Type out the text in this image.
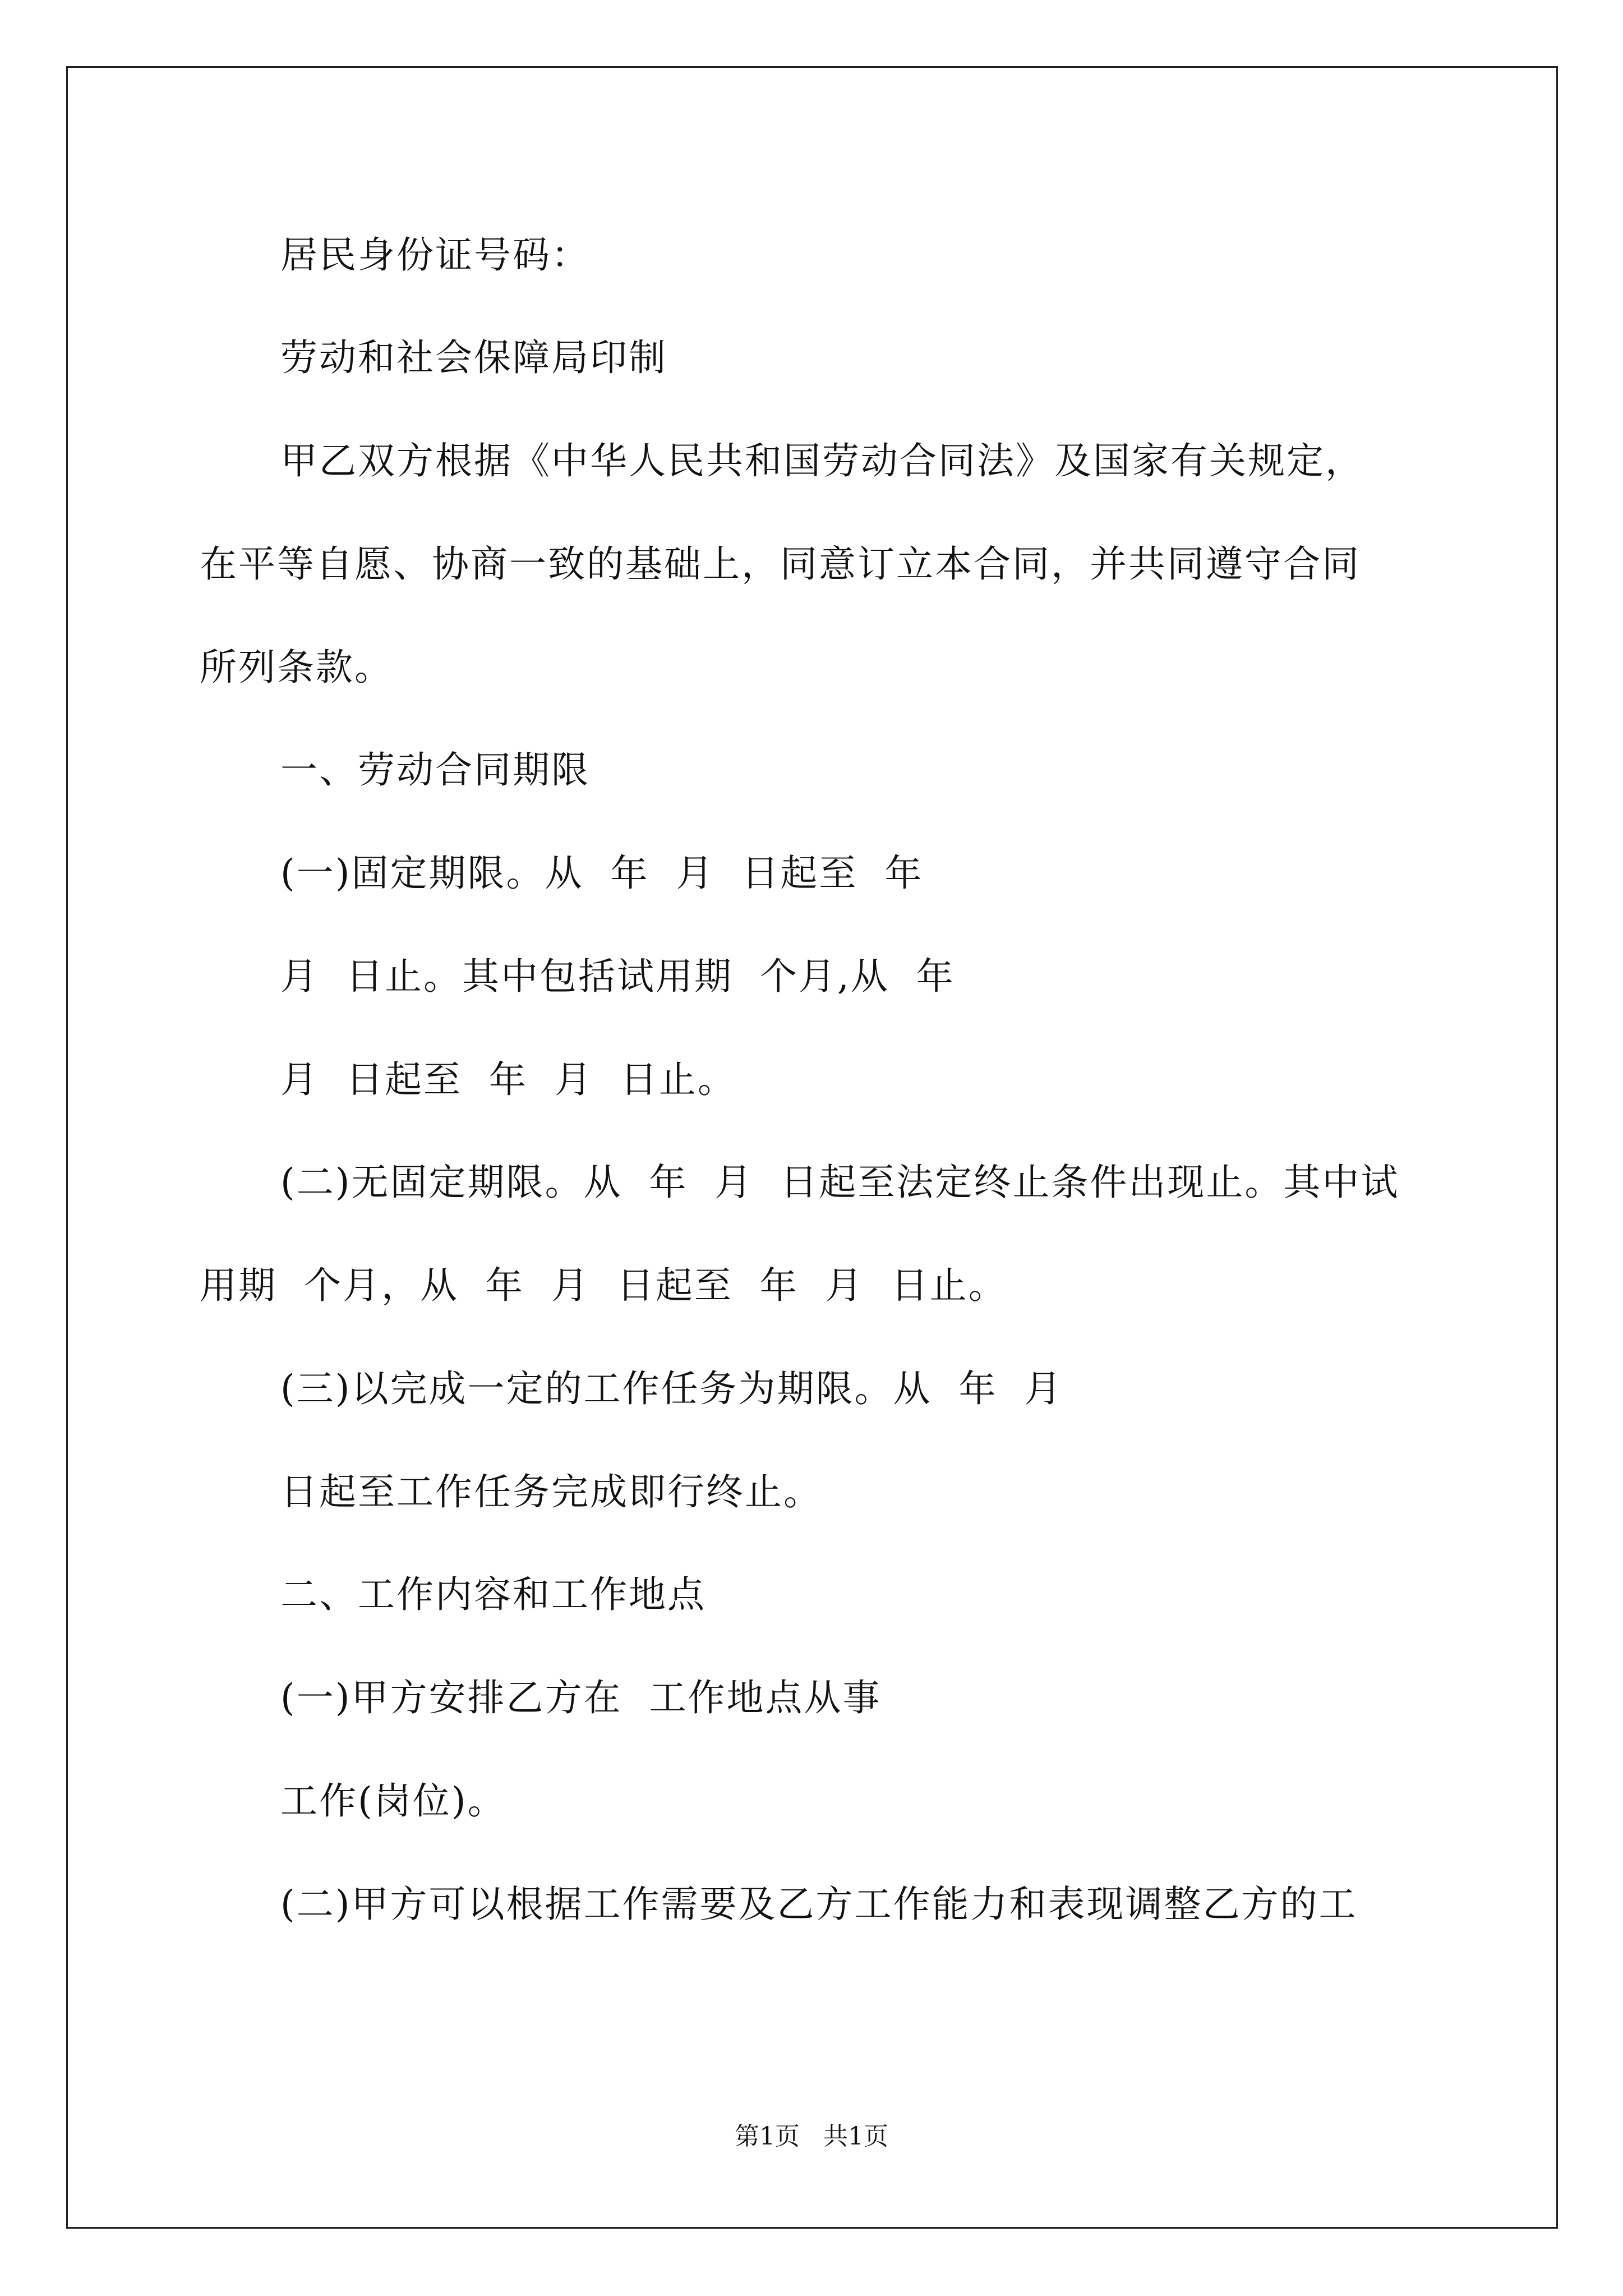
居民身份证号码：

劳动和社会保障局印制

甲乙双方根据《中华人民共和国劳动合同法》及国家有关规定，

在平等自愿、协商一致的基础上，同意订立本合同，并共同遵守合同

所列条款。

一、劳动合同期限

(一)固定期限。从  年  月  日起至  年

月  日止。其中包括试用期  个月,从  年

月  日起至  年  月  日止。

(二)无固定期限。从  年  月  日起至法定终止条件出现止。其中试

用期  个月，从  年  月  日起至  年  月  日止。

(三)以完成一定的工作任务为期限。从  年  月

日起至工作任务完成即行终止。

二、工作内容和工作地点

(一)甲方安排乙方在  工作地点从事

工作(岗位)。

(二)甲方可以根据工作需要及乙方工作能力和表现调整乙方的工

第1页   共1页
